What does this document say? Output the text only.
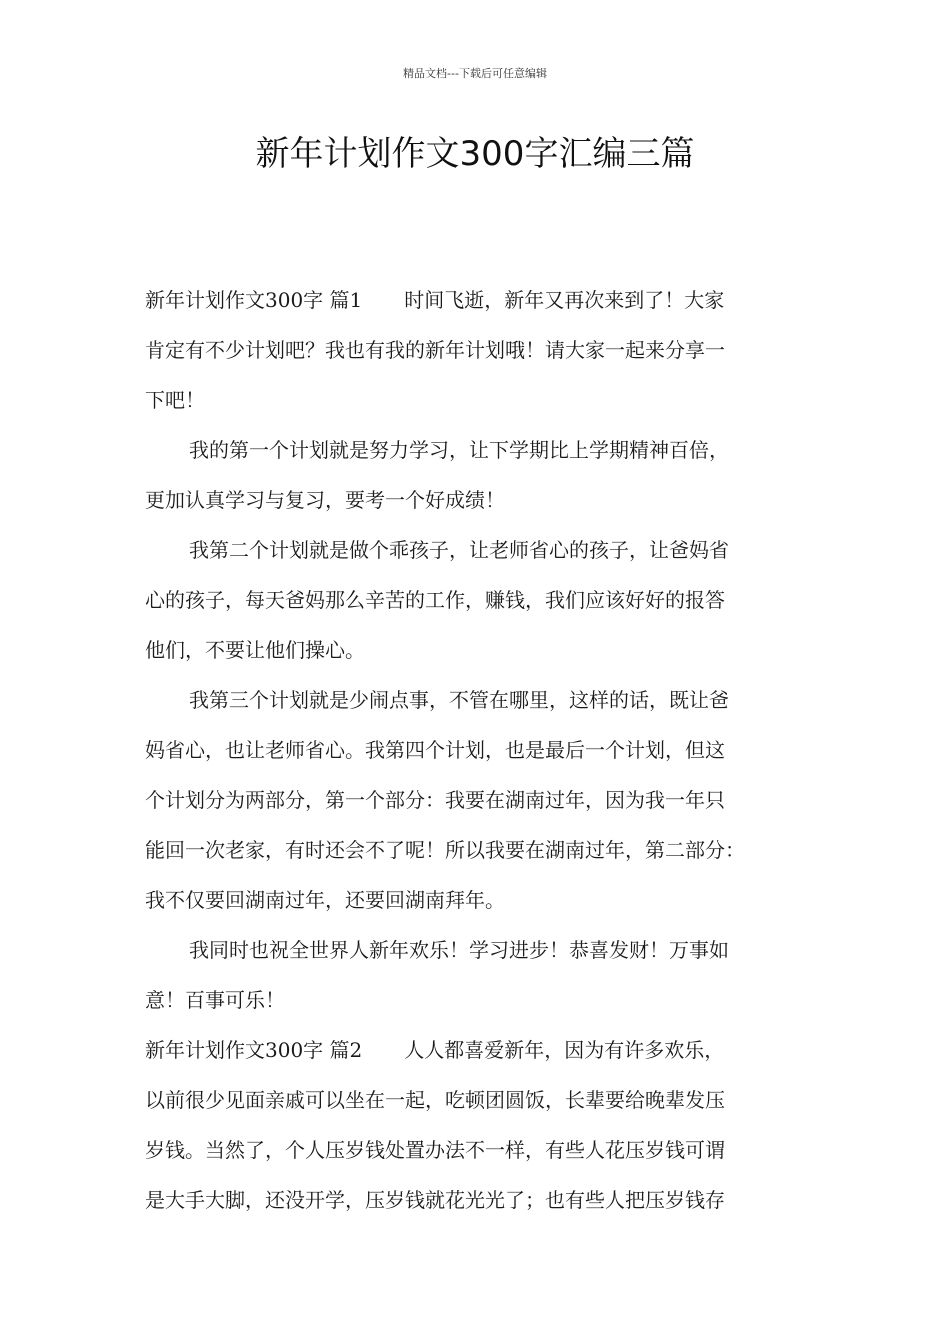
精品文档---下载后可任意编辑
新年计划作文300字汇编三篇
新年计划作文300字 篇1 时间飞逝，新年又再次来到了！大家
肯定有不少计划吧？我也有我的新年计划哦！请大家一起来分享一
下吧！
我的第一个计划就是努力学习，让下学期比上学期精神百倍，
更加认真学习与复习，要考一个好成绩！
我第二个计划就是做个乖孩子，让老师省心的孩子，让爸妈省
心的孩子，每天爸妈那么辛苦的工作，赚钱，我们应该好好的报答
他们，不要让他们操心。
我第三个计划就是少闹点事，不管在哪里，这样的话，既让爸
妈省心，也让老师省心。我第四个计划，也是最后一个计划，但这
个计划分为两部分，第一个部分：我要在湖南过年，因为我一年只
能回一次老家，有时还会不了呢！所以我要在湖南过年，第二部分：
我不仅要回湖南过年，还要回湖南拜年。
我同时也祝全世界人新年欢乐！学习进步！恭喜发财！万事如
意！百事可乐！
新年计划作文300字 篇2 人人都喜爱新年，因为有许多欢乐，
以前很少见面亲戚可以坐在一起，吃顿团圆饭，长辈要给晚辈发压
岁钱。当然了，个人压岁钱处置办法不一样，有些人花压岁钱可谓
是大手大脚，还没开学，压岁钱就花光光了；也有些人把压岁钱存
